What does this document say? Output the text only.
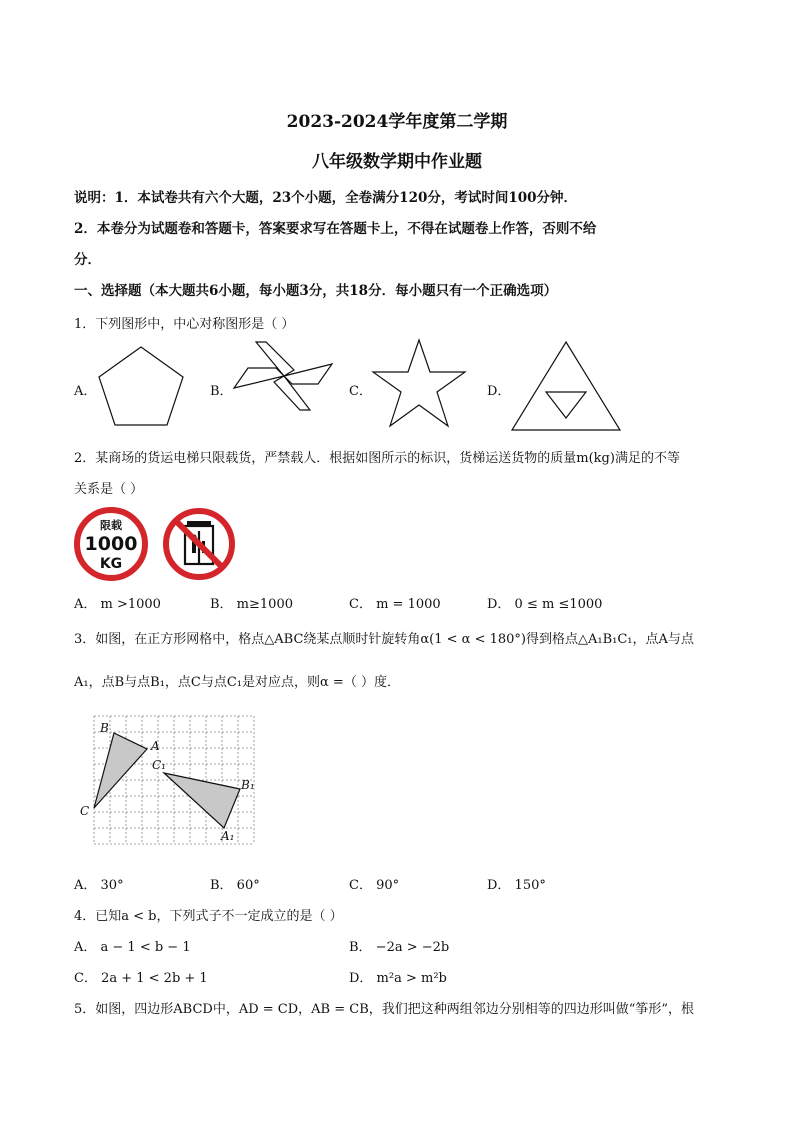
2023-2024学年度第二学期
八年级数学期中作业题
说明：1．本试卷共有六个大题，23个小题，全卷满分120分，考试时间100分钟．
2．本卷分为试题卷和答题卡，答案要求写在答题卡上，不得在试题卷上作答，否则不给
分．
一、选择题（本大题共6小题，每小题3分，共18分．每小题只有一个正确选项）
1．下列图形中，中心对称图形是（ ）
A．	B．	C．	D．
2．某商场的货运电梯只限载货，严禁载人．根据如图所示的标识，货梯运送货物的质量m(kg)满足的不等
关系是（ ）
限载
1000
KG
A． m >1000	B． m≥1000	C． m = 1000	D． 0 ≤ m ≤1000
3．如图，在正方形网格中，格点△ABC绕某点顺时针旋转角α(1 < α < 180°)得到格点△A₁B₁C₁，点A与点
A₁，点B与点B₁，点C与点C₁是对应点，则α =（ ）度．
B
A
C
C₁
B₁
A₁
A． 30°	B． 60°	C． 90°	D． 150°
4．已知a < b，下列式子不一定成立的是（ ）
A． a − 1 < b − 1	B． −2a > −2b
C． 2a + 1 < 2b + 1	D． m²a > m²b
5．如图，四边形ABCD中，AD = CD，AB = CB，我们把这种两组邻边分别相等的四边形叫做“筝形”，根
